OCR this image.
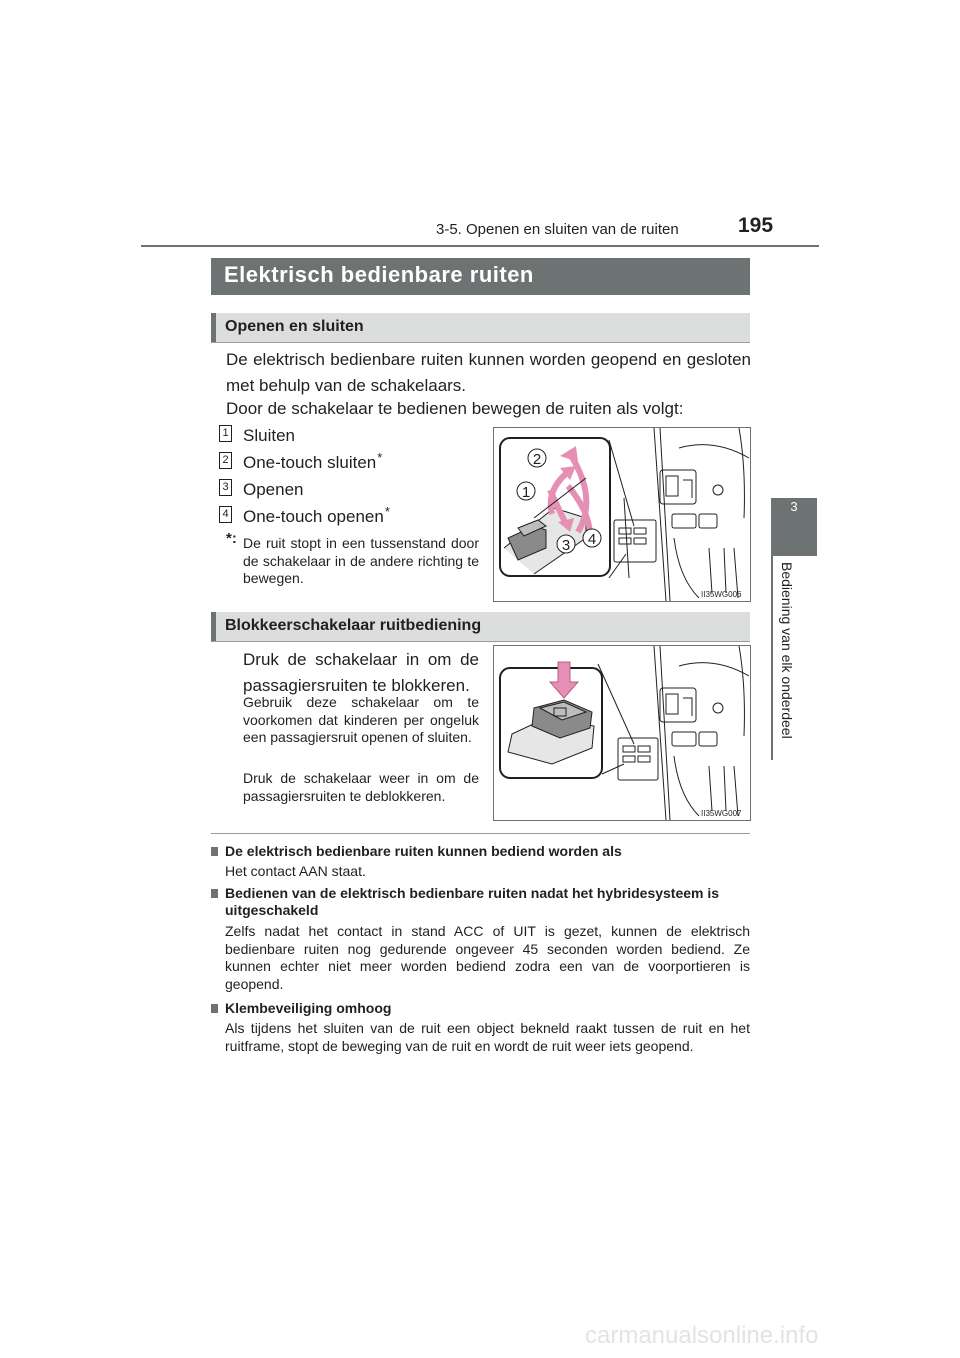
3-5. Openen en sluiten van de ruiten	195
3
Bediening van elk onderdeel
Elektrisch bedienbare ruiten
Openen en sluiten
De elektrisch bedienbare ruiten kunnen worden geopend en gesloten met behulp van de schakelaars.
Door de schakelaar te bedienen bewegen de ruiten als volgt:
1 Sluiten
2 One-touch sluiten*
3 Openen
4 One-touch openen*
*: De ruit stopt in een tussenstand door de schakelaar in de andere richting te bewegen.
2
1
3 4
II35WG006
Blokkeerschakelaar ruitbediening
Druk de schakelaar in om de passagiersruiten te blokkeren.
Gebruik deze schakelaar om te voorkomen dat kinderen per ongeluk een passagiersruit openen of sluiten.
Druk de schakelaar weer in om de passagiersruiten te deblokkeren.
II35WG007
De elektrisch bedienbare ruiten kunnen bediend worden als
Het contact AAN staat.
Bedienen van de elektrisch bedienbare ruiten nadat het hybridesysteem is uitgeschakeld
Zelfs nadat het contact in stand ACC of UIT is gezet, kunnen de elektrisch bedienbare ruiten nog gedurende ongeveer 45 seconden worden bediend. Ze kunnen echter niet meer worden bediend zodra een van de voorportieren is geopend.
Klembeveiliging omhoog
Als tijdens het sluiten van de ruit een object bekneld raakt tussen de ruit en het ruitframe, stopt de beweging van de ruit en wordt de ruit weer iets geopend.
carmanualsonline.info
